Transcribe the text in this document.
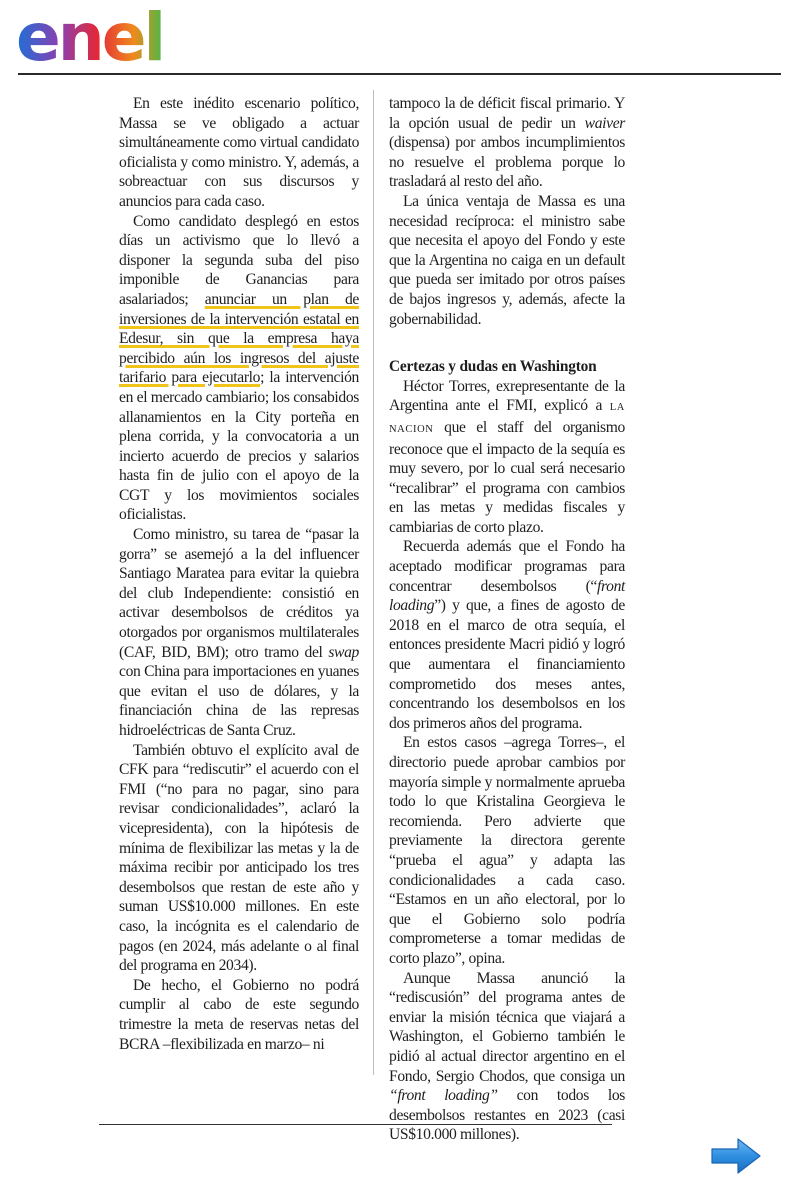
enel

En este inédito escenario político, Massa se ve obligado a actuar simultáneamente como virtual candidato oficialista y como ministro. Y, además, a sobreactuar con sus discursos y anuncios para cada caso.

Como candidato desplegó en estos días un activismo que lo llevó a disponer la segunda suba del piso imponible de Ganancias para asalariados; anunciar un plan de inversiones de la intervención estatal en Edesur, sin que la empresa haya percibido aún los ingresos del ajuste tarifario para ejecutarlo; la intervención en el mercado cambiario; los consabidos allanamientos en la City porteña en plena corrida, y la convocatoria a un incierto acuerdo de precios y salarios hasta fin de julio con el apoyo de la CGT y los movimientos sociales oficialistas.

Como ministro, su tarea de “pasar la gorra” se asemejó a la del influencer Santiago Maratea para evitar la quiebra del club Independiente: consistió en activar desembolsos de créditos ya otorgados por organismos multilaterales (CAF, BID, BM); otro tramo del swap con China para importaciones en yuanes que evitan el uso de dólares, y la financiación china de las represas hidroeléctricas de Santa Cruz.

También obtuvo el explícito aval de CFK para “rediscutir” el acuerdo con el FMI (“no para no pagar, sino para revisar condicionalidades”, aclaró la vicepresidenta), con la hipótesis de mínima de flexibilizar las metas y la de máxima recibir por anticipado los tres desembolsos que restan de este año y suman US$10.000 millones. En este caso, la incógnita es el calendario de pagos (en 2024, más adelante o al final del programa en 2034).

De hecho, el Gobierno no podrá cumplir al cabo de este segundo trimestre la meta de reservas netas del BCRA –flexibilizada en marzo– ni

tampoco la de déficit fiscal primario. Y la opción usual de pedir un waiver (dispensa) por ambos incumplimientos no resuelve el problema porque lo trasladará al resto del año.

La única ventaja de Massa es una necesidad recíproca: el ministro sabe que necesita el apoyo del Fondo y este que la Argentina no caiga en un default que pueda ser imitado por otros países de bajos ingresos y, además, afecte la gobernabilidad.

Certezas y dudas en Washington

Héctor Torres, exrepresentante de la Argentina ante el FMI, explicó a LA NACION que el staff del organismo reconoce que el impacto de la sequía es muy severo, por lo cual será necesario “recalibrar” el programa con cambios en las metas y medidas fiscales y cambiarias de corto plazo.

Recuerda además que el Fondo ha aceptado modificar programas para concentrar desembolsos (“front loading”) y que, a fines de agosto de 2018 en el marco de otra sequía, el entonces presidente Macri pidió y logró que aumentara el financiamiento comprometido dos meses antes, concentrando los desembolsos en los dos primeros años del programa.

En estos casos –agrega Torres–, el directorio puede aprobar cambios por mayoría simple y normalmente aprueba todo lo que Kristalina Georgieva le recomienda. Pero advierte que previamente la directora gerente “prueba el agua” y adapta las condicionalidades a cada caso. “Estamos en un año electoral, por lo que el Gobierno solo podría comprometerse a tomar medidas de corto plazo”, opina.

Aunque Massa anunció la “rediscusión” del programa antes de enviar la misión técnica que viajará a Washington, el Gobierno también le pidió al actual director argentino en el Fondo, Sergio Chodos, que consiga un “front loading” con todos los desembolsos restantes en 2023 (casi US$10.000 millones).
